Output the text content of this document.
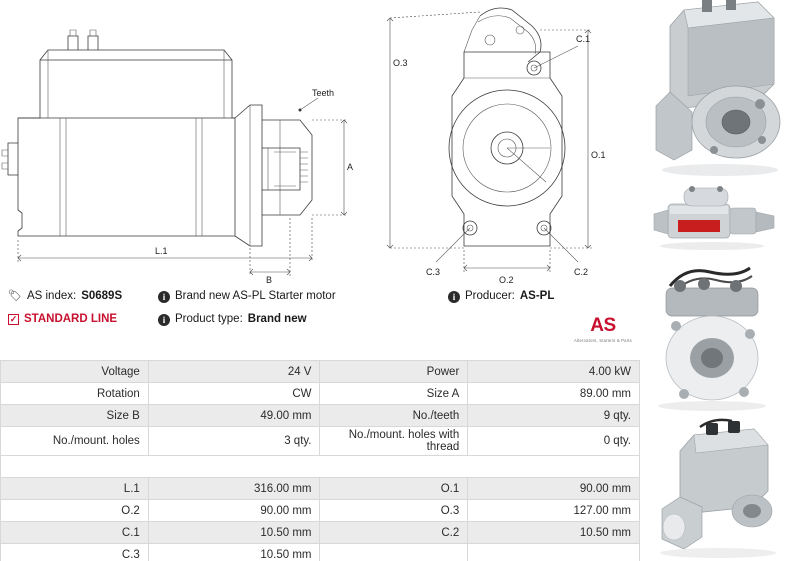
Teeth
A
L.1
B
O.3
O.1
O.2
C.1
C.3	C.2
🏷 AS index: S0689S	i Brand new AS-PL Starter motor	i Producer: AS-PL
✓ STANDARD LINE	i Product type: Brand new	AS
Alternators, Starters & Parts
Voltage	24 V	Power	4.00 kW
Rotation	CW	Size A	89.00 mm
Size B	49.00 mm	No./teeth	9 qty.
No./mount. holes	3 qty.	No./mount. holes with thread	0 qty.

L.1	316.00 mm	O.1	90.00 mm
O.2	90.00 mm	O.3	127.00 mm
C.1	10.50 mm	C.2	10.50 mm
C.3	10.50 mm		
